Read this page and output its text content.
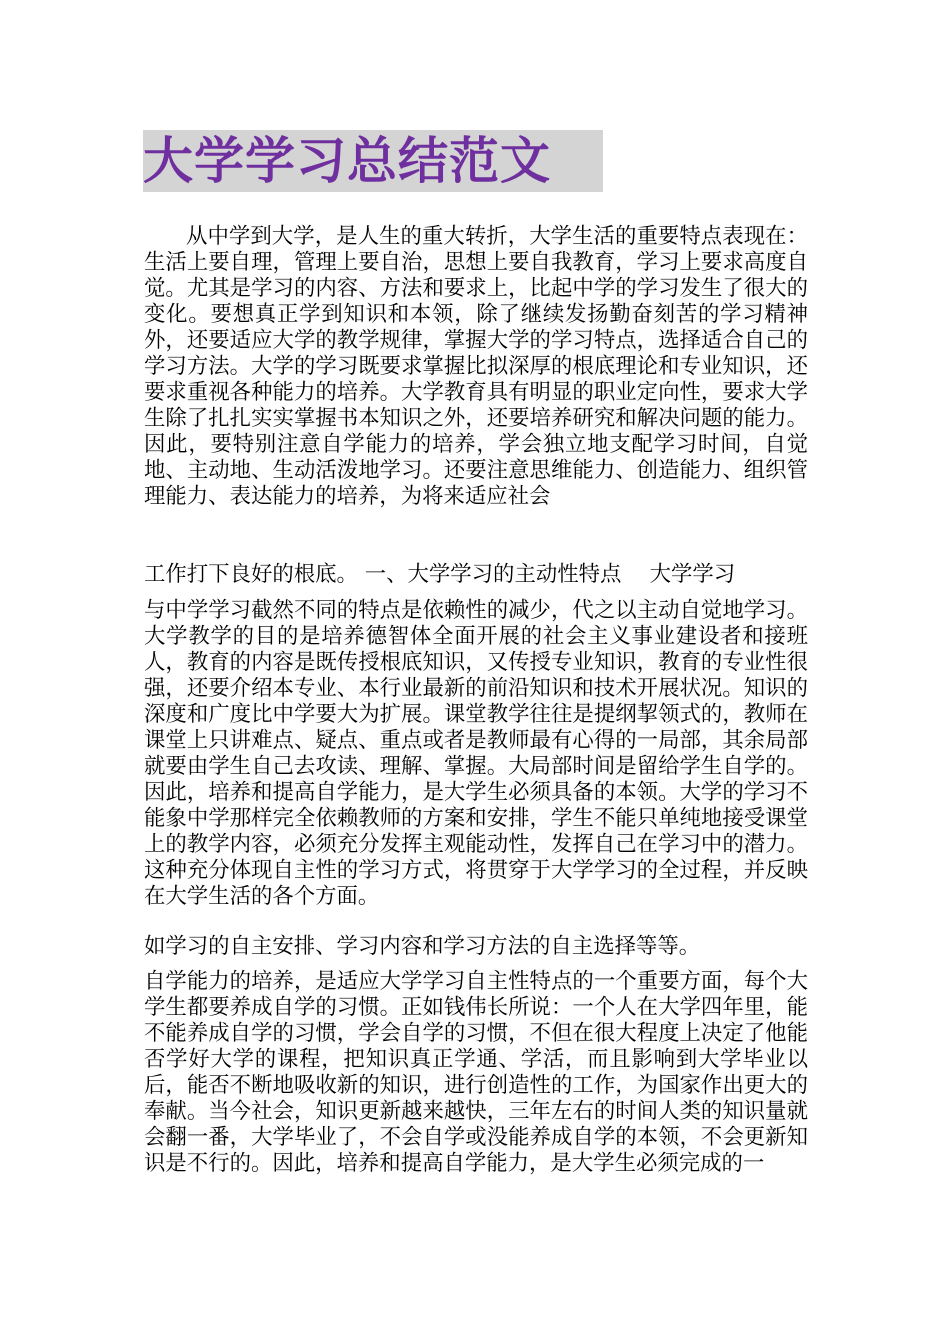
大学学习总结范文

从中学到大学，是人生的重大转折，大学生活的重要特点表现在：生活上要自理，管理上要自治，思想上要自我教育，学习上要求高度自觉。尤其是学习的内容、方法和要求上，比起中学的学习发生了很大的变化。要想真正学到知识和本领，除了继续发扬勤奋刻苦的学习精神外，还要适应大学的教学规律，掌握大学的学习特点，选择适合自己的学习方法。大学的学习既要求掌握比拟深厚的根底理论和专业知识，还要求重视各种能力的培养。大学教育具有明显的职业定向性，要求大学生除了扎扎实实掌握书本知识之外，还要培养研究和解决问题的能力。因此，要特别注意自学能力的培养，学会独立地支配学习时间，自觉地、主动地、生动活泼地学习。还要注意思维能力、创造能力、组织管理能力、表达能力的培养，为将来适应社会

工作打下良好的根底。 一、大学学习的主动性特点　 大学学习

与中学学习截然不同的特点是依赖性的减少，代之以主动自觉地学习。大学教学的目的是培养德智体全面开展的社会主义事业建设者和接班人，教育的内容是既传授根底知识，又传授专业知识，教育的专业性很强，还要介绍本专业、本行业最新的前沿知识和技术开展状况。知识的深度和广度比中学要大为扩展。课堂教学往往是提纲挈领式的，教师在课堂上只讲难点、疑点、重点或者是教师最有心得的一局部，其余局部就要由学生自己去攻读、理解、掌握。大局部时间是留给学生自学的。因此，培养和提高自学能力，是大学生必须具备的本领。大学的学习不能象中学那样完全依赖教师的方案和安排，学生不能只单纯地接受课堂上的教学内容，必须充分发挥主观能动性，发挥自己在学习中的潜力。这种充分体现自主性的学习方式，将贯穿于大学学习的全过程，并反映在大学生活的各个方面。

如学习的自主安排、学习内容和学习方法的自主选择等等。

自学能力的培养，是适应大学学习自主性特点的一个重要方面，每个大学生都要养成自学的习惯。正如钱伟长所说：一个人在大学四年里，能不能养成自学的习惯，学会自学的习惯，不但在很大程度上决定了他能否学好大学的课程，把知识真正学通、学活，而且影响到大学毕业以后，能否不断地吸收新的知识，进行创造性的工作，为国家作出更大的奉献。当今社会，知识更新越来越快，三年左右的时间人类的知识量就会翻一番，大学毕业了，不会自学或没能养成自学的本领，不会更新知识是不行的。因此，培养和提高自学能力，是大学生必须完成的一
